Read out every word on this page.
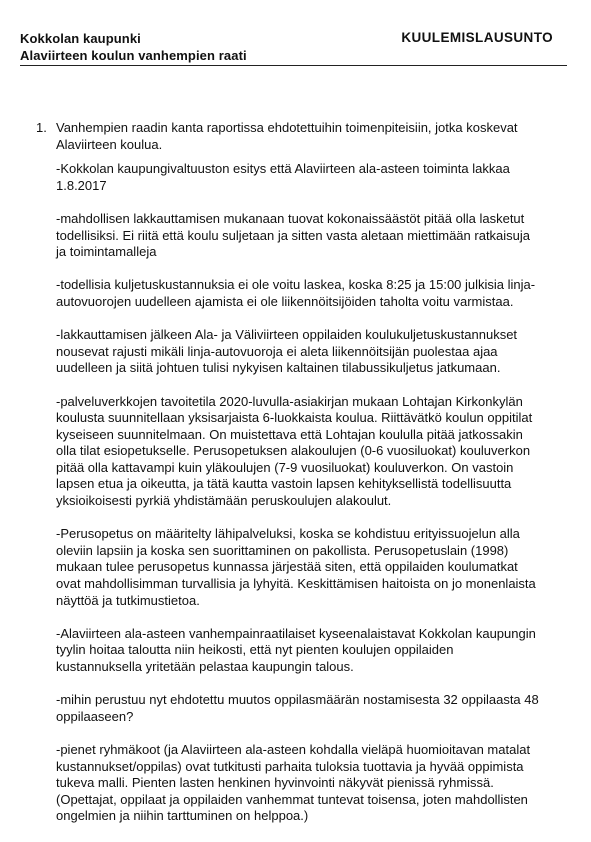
Kokkolan kaupunki
Alaviirteen koulun vanhempien raati
KUULEMISLAUSUNTO
1. Vanhempien raadin kanta raportissa ehdotettuihin toimenpiteisiin, jotka koskevat

Alaviirteen koulua.

-Kokkolan kaupungivaltuuston esitys että Alaviirteen ala-asteen toiminta lakkaa

1.8.2017

-mahdollisen lakkauttamisen mukanaan tuovat kokonaissäästöt pitää olla lasketut

todellisiksi. Ei riitä että koulu suljetaan ja sitten vasta aletaan miettimään ratkaisuja

ja toimintamalleja

-todellisia kuljetuskustannuksia ei ole voitu laskea, koska 8:25 ja 15:00 julkisia linja-

autovuorojen uudelleen ajamista ei ole liikennöitsijöiden taholta voitu varmistaa.

-lakkauttamisen jälkeen Ala- ja Väliviirteen oppilaiden koulukuljetuskustannukset

nousevat rajusti mikäli linja-autovuoroja ei aleta liikennöitsijän puolestaa ajaa

uudelleen ja siitä johtuen tulisi nykyisen kaltainen tilabussikuljetus jatkumaan.

-palveluverkkojen tavoitetila 2020-luvulla-asiakirjan mukaan Lohtajan Kirkonkylän

koulusta suunnitellaan yksisarjaista 6-luokkaista koulua. Riittävätkö koulun oppitilat

kyseiseen suunnitelmaan. On muistettava että Lohtajan koululla pitää jatkossakin

olla tilat esiopetukselle. Perusopetuksen alakoulujen (0-6 vuosiluokat) kouluverkon

pitää olla kattavampi kuin yläkoulujen (7-9 vuosiluokat) kouluverkon. On vastoin

lapsen etua ja oikeutta, ja tätä kautta vastoin lapsen kehityksellistä todellisuutta

yksioikoisesti pyrkiä yhdistämään peruskoulujen alakoulut.

-Perusopetus on määritelty lähipalveluksi, koska se kohdistuu erityissuojelun alla

oleviin lapsiin ja koska sen suorittaminen on pakollista. Perusopetuslain (1998)

mukaan tulee perusopetus kunnassa järjestää siten, että oppilaiden koulumatkat

ovat mahdollisimman turvallisia ja lyhyitä. Keskittämisen haitoista on jo monenlaista

näyttöä ja tutkimustietoa.

-Alaviirteen ala-asteen vanhempainraatilaiset kyseenalaistavat Kokkolan kaupungin

tyylin hoitaa taloutta niin heikosti, että nyt pienten koulujen oppilaiden

kustannuksella yritetään pelastaa kaupungin talous.

-mihin perustuu nyt ehdotettu muutos oppilasmäärän nostamisesta 32 oppilaasta 48

oppilaaseen?

-pienet ryhmäkoot (ja Alaviirteen ala-asteen kohdalla vieläpä huomioitavan matalat

kustannukset/oppilas) ovat tutkitusti parhaita tuloksia tuottavia ja hyvää oppimista

tukeva malli. Pienten lasten henkinen hyvinvointi näkyvät pienissä ryhmissä.

(Opettajat, oppilaat ja oppilaiden vanhemmat tuntevat toisensa, joten mahdollisten

ongelmien ja niihin tarttuminen on helppoa.)
